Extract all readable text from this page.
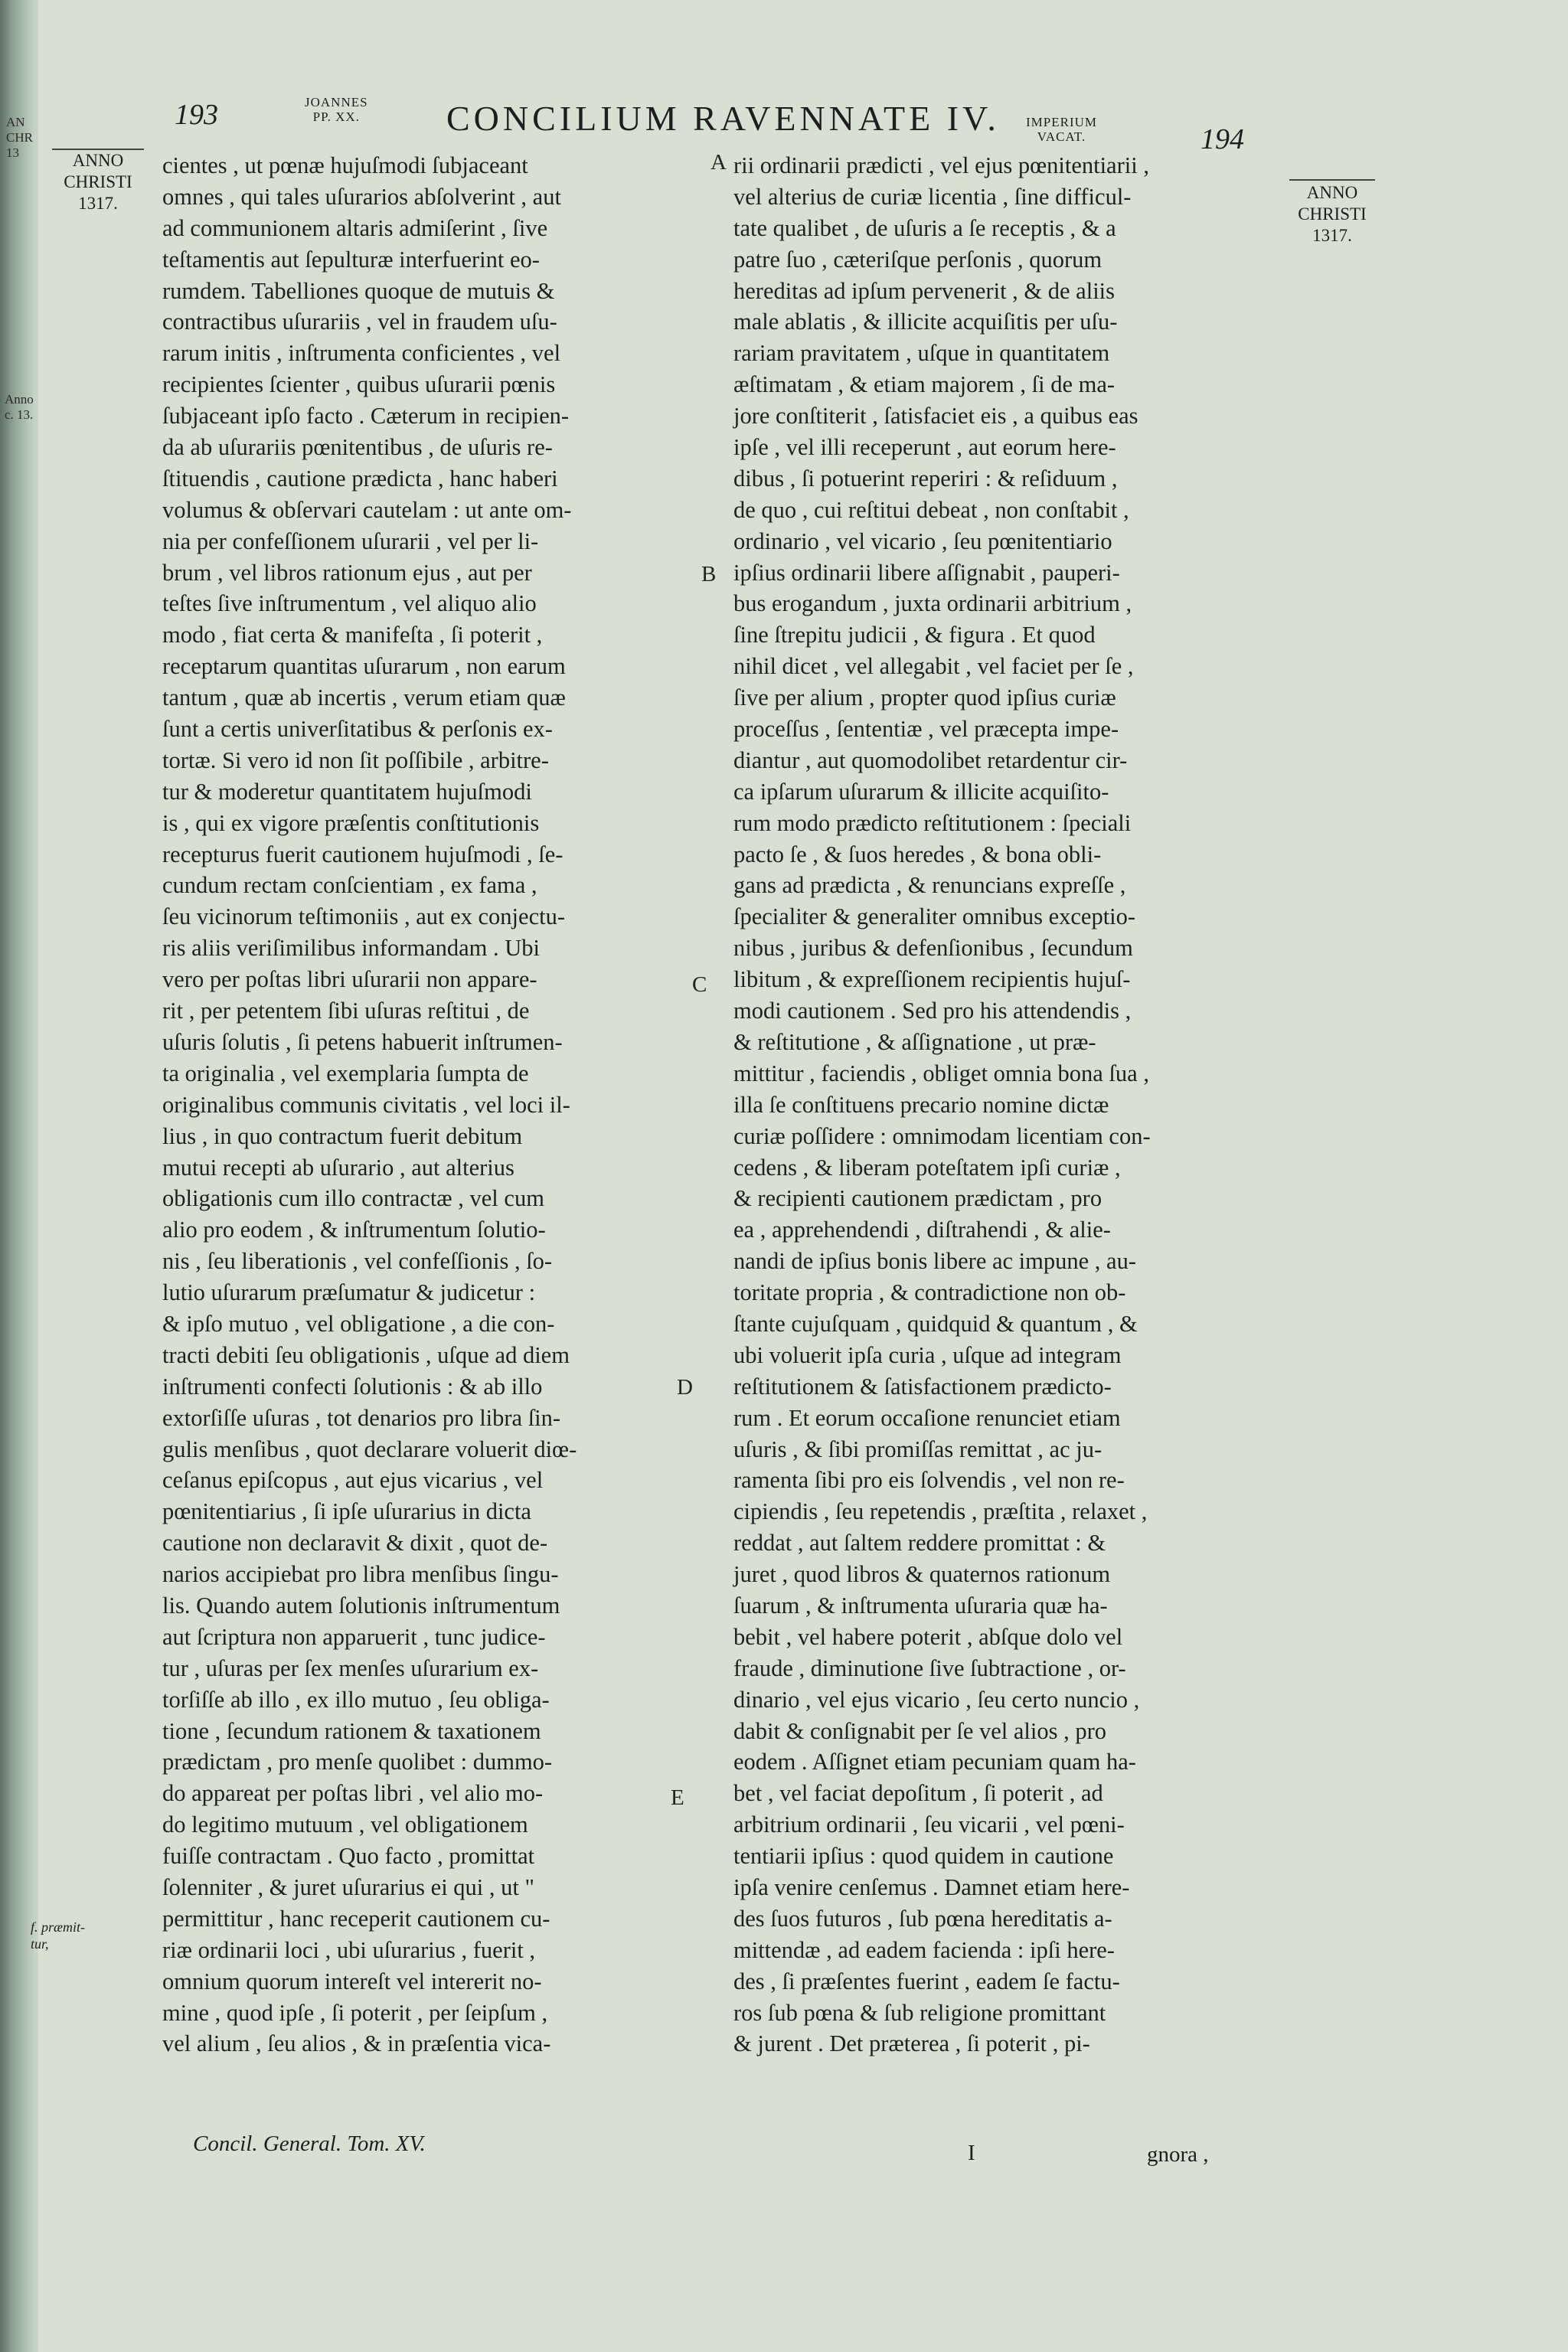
AN
CHR
13
Anno
c. 13.
193	JOANNES
PP. XX. CONCILIUM RAVENNATE IV. IMPERIUM
VACAT.	194
ANNO
CHRISTI
1317.
ANNO
CHRISTI
1317.
f. præmit-
tur,
A
B
C
D
E
cientes , ut pœnæ hujuſmodi ſubjaceant
omnes , qui tales uſurarios abſolverint , aut
ad communionem altaris admiſerint , ſive
teſtamentis aut ſepulturæ interfuerint eo-
rumdem. Tabelliones quoque de mutuis &
contractibus uſurariis , vel in fraudem uſu-
rarum initis , inſtrumenta conficientes , vel
recipientes ſcienter , quibus uſurarii pœnis
ſubjaceant ipſo facto . Cæterum in recipien-
da ab uſurariis pœnitentibus , de uſuris re-
ſtituendis , cautione prædicta , hanc haberi
volumus & obſervari cautelam : ut ante om-
nia per confeſſionem uſurarii , vel per li-
brum , vel libros rationum ejus , aut per
teſtes ſive inſtrumentum , vel aliquo alio
modo , fiat certa & manifeſta , ſi poterit ,
receptarum quantitas uſurarum , non earum
tantum , quæ ab incertis , verum etiam quæ
ſunt a certis univerſitatibus & perſonis ex-
tortæ. Si vero id non ſit poſſibile , arbitre-
tur & moderetur quantitatem hujuſmodi
is , qui ex vigore præſentis conſtitutionis
recepturus fuerit cautionem hujuſmodi , ſe-
cundum rectam conſcientiam , ex fama ,
ſeu vicinorum teſtimoniis , aut ex conjectu-
ris aliis veriſimilibus informandam . Ubi
vero per poſtas libri uſurarii non appare-
rit , per petentem ſibi uſuras reſtitui , de
uſuris ſolutis , ſi petens habuerit inſtrumen-
ta originalia , vel exemplaria ſumpta de
originalibus communis civitatis , vel loci il-
lius , in quo contractum fuerit debitum
mutui recepti ab uſurario , aut alterius
obligationis cum illo contractæ , vel cum
alio pro eodem , & inſtrumentum ſolutio-
nis , ſeu liberationis , vel confeſſionis , ſo-
lutio uſurarum præſumatur & judicetur :
& ipſo mutuo , vel obligatione , a die con-
tracti debiti ſeu obligationis , uſque ad diem
inſtrumenti confecti ſolutionis : & ab illo
extorſiſſe uſuras , tot denarios pro libra ſin-
gulis menſibus , quot declarare voluerit diœ-
ceſanus epiſcopus , aut ejus vicarius , vel
pœnitentiarius , ſi ipſe uſurarius in dicta
cautione non declaravit & dixit , quot de-
narios accipiebat pro libra menſibus ſingu-
lis. Quando autem ſolutionis inſtrumentum
aut ſcriptura non apparuerit , tunc judice-
tur , uſuras per ſex menſes uſurarium ex-
torſiſſe ab illo , ex illo mutuo , ſeu obliga-
tione , ſecundum rationem & taxationem
prædictam , pro menſe quolibet : dummo-
do appareat per poſtas libri , vel alio mo-
do legitimo mutuum , vel obligationem
fuiſſe contractam . Quo facto , promittat
ſolenniter , & juret uſurarius ei qui , ut "
permittitur , hanc receperit cautionem cu-
riæ ordinarii loci , ubi uſurarius , fuerit ,
omnium quorum intereſt vel intererit no-
mine , quod ipſe , ſi poterit , per ſeipſum ,
vel alium , ſeu alios , & in præſentia vica-
rii ordinarii prædicti , vel ejus pœnitentiarii ,
vel alterius de curiæ licentia , ſine difficul-
tate qualibet , de uſuris a ſe receptis , & a
patre ſuo , cæteriſque perſonis , quorum
hereditas ad ipſum pervenerit , & de aliis
male ablatis , & illicite acquiſitis per uſu-
rariam pravitatem , uſque in quantitatem
æſtimatam , & etiam majorem , ſi de ma-
jore conſtiterit , ſatisfaciet eis , a quibus eas
ipſe , vel illi receperunt , aut eorum here-
dibus , ſi potuerint reperiri : & reſiduum ,
de quo , cui reſtitui debeat , non conſtabit ,
ordinario , vel vicario , ſeu pœnitentiario
ipſius ordinarii libere aſſignabit , pauperi-
bus erogandum , juxta ordinarii arbitrium ,
ſine ſtrepitu judicii , & figura . Et quod
nihil dicet , vel allegabit , vel faciet per ſe ,
ſive per alium , propter quod ipſius curiæ
proceſſus , ſententiæ , vel præcepta impe-
diantur , aut quomodolibet retardentur cir-
ca ipſarum uſurarum & illicite acquiſito-
rum modo prædicto reſtitutionem : ſpeciali
pacto ſe , & ſuos heredes , & bona obli-
gans ad prædicta , & renuncians expreſſe ,
ſpecialiter & generaliter omnibus exceptio-
nibus , juribus & defenſionibus , ſecundum
libitum , & expreſſionem recipientis hujuſ-
modi cautionem . Sed pro his attendendis ,
& reſtitutione , & aſſignatione , ut præ-
mittitur , faciendis , obliget omnia bona ſua ,
illa ſe conſtituens precario nomine dictæ
curiæ poſſidere : omnimodam licentiam con-
cedens , & liberam poteſtatem ipſi curiæ ,
& recipienti cautionem prædictam , pro
ea , apprehendendi , diſtrahendi , & alie-
nandi de ipſius bonis libere ac impune , au-
toritate propria , & contradictione non ob-
ſtante cujuſquam , quidquid & quantum , &
ubi voluerit ipſa curia , uſque ad integram
reſtitutionem & ſatisfactionem prædicto-
rum . Et eorum occaſione renunciet etiam
uſuris , & ſibi promiſſas remittat , ac ju-
ramenta ſibi pro eis ſolvendis , vel non re-
cipiendis , ſeu repetendis , præſtita , relaxet ,
reddat , aut ſaltem reddere promittat : &
juret , quod libros & quaternos rationum
ſuarum , & inſtrumenta uſuraria quæ ha-
bebit , vel habere poterit , abſque dolo vel
fraude , diminutione ſive ſubtractione , or-
dinario , vel ejus vicario , ſeu certo nuncio ,
dabit & conſignabit per ſe vel alios , pro
eodem . Aſſignet etiam pecuniam quam ha-
bet , vel faciat depoſitum , ſi poterit , ad
arbitrium ordinarii , ſeu vicarii , vel pœni-
tentiarii ipſius : quod quidem in cautione
ipſa venire cenſemus . Damnet etiam here-
des ſuos futuros , ſub pœna hereditatis a-
mittendæ , ad eadem facienda : ipſi here-
des , ſi præſentes fuerint , eadem ſe factu-
ros ſub pœna & ſub religione promittant
& jurent . Det præterea , ſi poterit , pi-
Concil. General. Tom. XV.	I	gnora ,
